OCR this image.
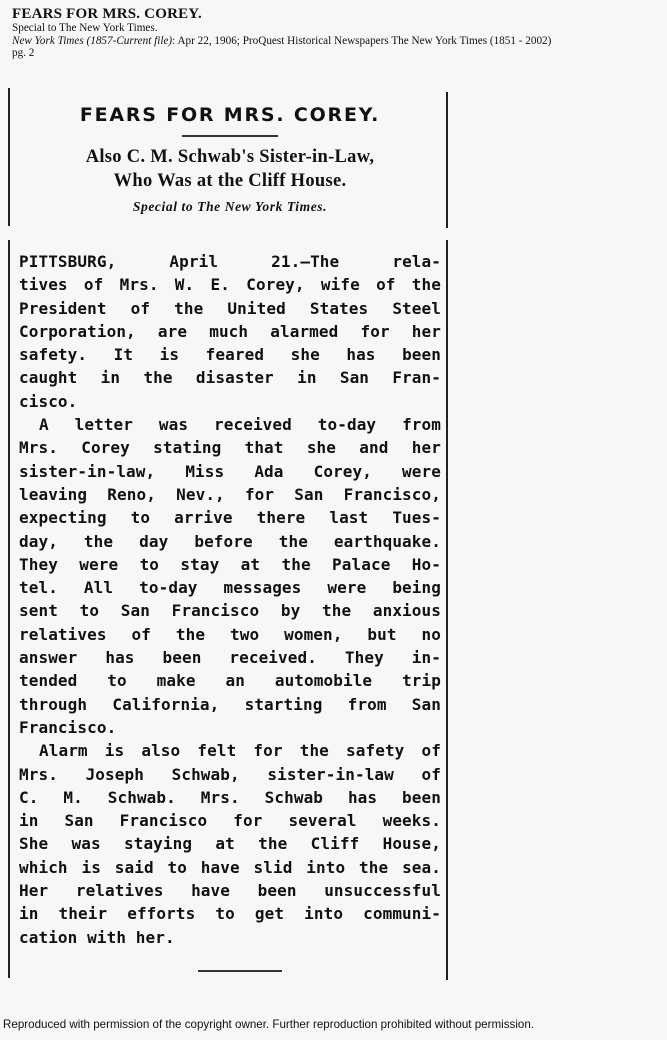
FEARS FOR MRS. COREY.
Special to The New York Times.
New York Times (1857-Current file): Apr 22, 1906; ProQuest Historical Newspapers The New York Times (1851 - 2002)
pg. 2
FEARS FOR MRS. COREY.
Also C. M. Schwab's Sister-in-Law,
Who Was at the Cliff House.
Special to The New York Times.
PITTSBURG, April 21.—The rela-
tives of Mrs. W. E. Corey, wife of the
President of the United States Steel
Corporation, are much alarmed for her
safety. It is feared she has been
caught in the disaster in San Fran-
cisco.
A letter was received to-day from
Mrs. Corey stating that she and her
sister-in-law, Miss Ada Corey, were
leaving Reno, Nev., for San Francisco,
expecting to arrive there last Tues-
day, the day before the earthquake.
They were to stay at the Palace Ho-
tel. All to-day messages were being
sent to San Francisco by the anxious
relatives of the two women, but no
answer has been received. They in-
tended to make an automobile trip
through California, starting from San
Francisco.
Alarm is also felt for the safety of
Mrs. Joseph Schwab, sister-in-law of
C. M. Schwab. Mrs. Schwab has been
in San Francisco for several weeks.
She was staying at the Cliff House,
which is said to have slid into the sea.
Her relatives have been unsuccessful
in their efforts to get into communi-
cation with her.
Reproduced with permission of the copyright owner. Further reproduction prohibited without permission.
